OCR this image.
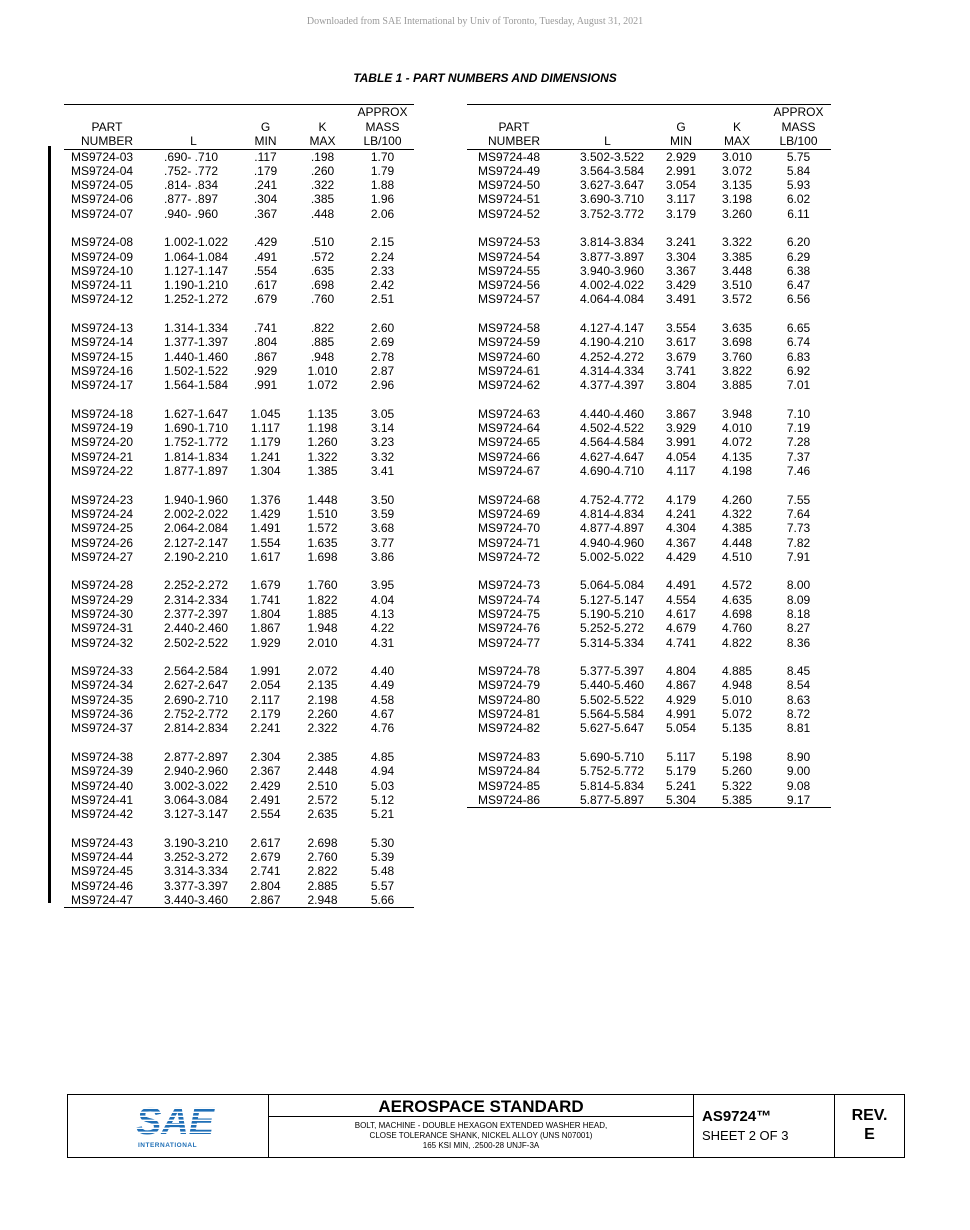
Downloaded from SAE International by Univ of Toronto, Tuesday, August 31, 2021
TABLE 1 - PART NUMBERS AND DIMENSIONS
				APPROX
PART		G	K	MASS
NUMBER	L	MIN	MAX	LB/100
MS9724-03	.690- .710	.117	.198	1.70
MS9724-04	.752- .772	.179	.260	1.79
MS9724-05	.814- .834	.241	.322	1.88
MS9724-06	.877- .897	.304	.385	1.96
MS9724-07	.940- .960	.367	.448	2.06

MS9724-08	1.002-1.022	.429	.510	2.15
MS9724-09	1.064-1.084	.491	.572	2.24
MS9724-10	1.127-1.147	.554	.635	2.33
MS9724-11	1.190-1.210	.617	.698	2.42
MS9724-12	1.252-1.272	.679	.760	2.51

MS9724-13	1.314-1.334	.741	.822	2.60
MS9724-14	1.377-1.397	.804	.885	2.69
MS9724-15	1.440-1.460	.867	.948	2.78
MS9724-16	1.502-1.522	.929	1.010	2.87
MS9724-17	1.564-1.584	.991	1.072	2.96

MS9724-18	1.627-1.647	1.045	1.135	3.05
MS9724-19	1.690-1.710	1.117	1.198	3.14
MS9724-20	1.752-1.772	1.179	1.260	3.23
MS9724-21	1.814-1.834	1.241	1.322	3.32
MS9724-22	1.877-1.897	1.304	1.385	3.41

MS9724-23	1.940-1.960	1.376	1.448	3.50
MS9724-24	2.002-2.022	1.429	1.510	3.59
MS9724-25	2.064-2.084	1.491	1.572	3.68
MS9724-26	2.127-2.147	1.554	1.635	3.77
MS9724-27	2.190-2.210	1.617	1.698	3.86

MS9724-28	2.252-2.272	1.679	1.760	3.95
MS9724-29	2.314-2.334	1.741	1.822	4.04
MS9724-30	2.377-2.397	1.804	1.885	4.13
MS9724-31	2.440-2.460	1.867	1.948	4.22
MS9724-32	2.502-2.522	1.929	2.010	4.31

MS9724-33	2.564-2.584	1.991	2.072	4.40
MS9724-34	2.627-2.647	2.054	2.135	4.49
MS9724-35	2.690-2.710	2.117	2.198	4.58
MS9724-36	2.752-2.772	2.179	2.260	4.67
MS9724-37	2.814-2.834	2.241	2.322	4.76

MS9724-38	2.877-2.897	2.304	2.385	4.85
MS9724-39	2.940-2.960	2.367	2.448	4.94
MS9724-40	3.002-3.022	2.429	2.510	5.03
MS9724-41	3.064-3.084	2.491	2.572	5.12
MS9724-42	3.127-3.147	2.554	2.635	5.21

MS9724-43	3.190-3.210	2.617	2.698	5.30
MS9724-44	3.252-3.272	2.679	2.760	5.39
MS9724-45	3.314-3.334	2.741	2.822	5.48
MS9724-46	3.377-3.397	2.804	2.885	5.57
MS9724-47	3.440-3.460	2.867	2.948	5.66
				APPROX
PART		G	K	MASS
NUMBER	L	MIN	MAX	LB/100
MS9724-48	3.502-3.522	2.929	3.010	5.75
MS9724-49	3.564-3.584	2.991	3.072	5.84
MS9724-50	3.627-3.647	3.054	3.135	5.93
MS9724-51	3.690-3.710	3.117	3.198	6.02
MS9724-52	3.752-3.772	3.179	3.260	6.11

MS9724-53	3.814-3.834	3.241	3.322	6.20
MS9724-54	3.877-3.897	3.304	3.385	6.29
MS9724-55	3.940-3.960	3.367	3.448	6.38
MS9724-56	4.002-4.022	3.429	3.510	6.47
MS9724-57	4.064-4.084	3.491	3.572	6.56

MS9724-58	4.127-4.147	3.554	3.635	6.65
MS9724-59	4.190-4.210	3.617	3.698	6.74
MS9724-60	4.252-4.272	3.679	3.760	6.83
MS9724-61	4.314-4.334	3.741	3.822	6.92
MS9724-62	4.377-4.397	3.804	3.885	7.01

MS9724-63	4.440-4.460	3.867	3.948	7.10
MS9724-64	4.502-4.522	3.929	4.010	7.19
MS9724-65	4.564-4.584	3.991	4.072	7.28
MS9724-66	4.627-4.647	4.054	4.135	7.37
MS9724-67	4.690-4.710	4.117	4.198	7.46

MS9724-68	4.752-4.772	4.179	4.260	7.55
MS9724-69	4.814-4.834	4.241	4.322	7.64
MS9724-70	4.877-4.897	4.304	4.385	7.73
MS9724-71	4.940-4.960	4.367	4.448	7.82
MS9724-72	5.002-5.022	4.429	4.510	7.91

MS9724-73	5.064-5.084	4.491	4.572	8.00
MS9724-74	5.127-5.147	4.554	4.635	8.09
MS9724-75	5.190-5.210	4.617	4.698	8.18
MS9724-76	5.252-5.272	4.679	4.760	8.27
MS9724-77	5.314-5.334	4.741	4.822	8.36

MS9724-78	5.377-5.397	4.804	4.885	8.45
MS9724-79	5.440-5.460	4.867	4.948	8.54
MS9724-80	5.502-5.522	4.929	5.010	8.63
MS9724-81	5.564-5.584	4.991	5.072	8.72
MS9724-82	5.627-5.647	5.054	5.135	8.81

MS9724-83	5.690-5.710	5.117	5.198	8.90
MS9724-84	5.752-5.772	5.179	5.260	9.00
MS9724-85	5.814-5.834	5.241	5.322	9.08
MS9724-86	5.877-5.897	5.304	5.385	9.17
SAE
INTERNATIONAL
AEROSPACE STANDARD
BOLT, MACHINE - DOUBLE HEXAGON EXTENDED WASHER HEAD,
CLOSE TOLERANCE SHANK, NICKEL ALLOY (UNS N07001)
165 KSI MIN, .2500-28 UNJF-3A
AS9724™
SHEET 2 OF 3
REV.
E
